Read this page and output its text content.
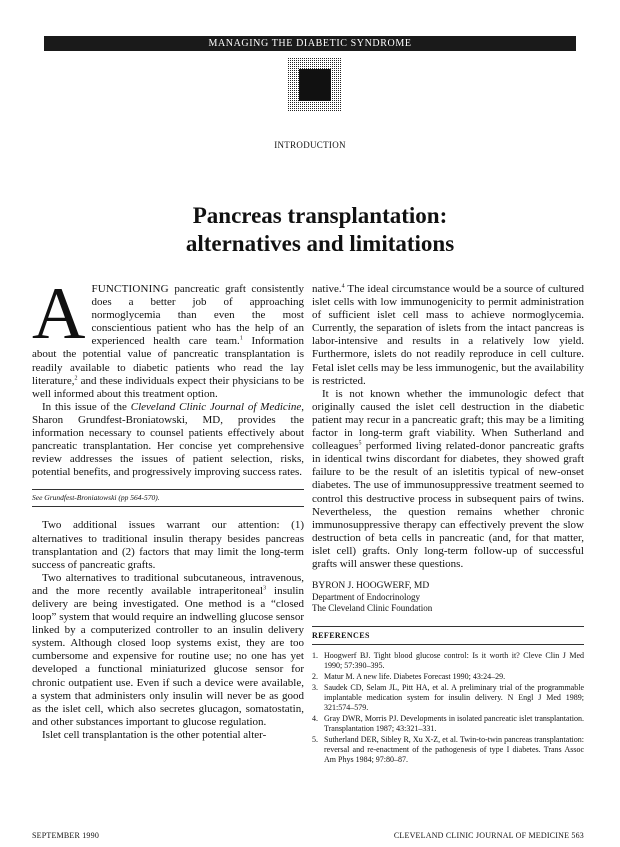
MANAGING THE DIABETIC SYNDROME
INTRODUCTION
Pancreas transplantation:
alternatives and limitations

AFUNCTIONING pancreatic graft consistently does a better job of approaching normoglycemia than even the most conscientious patient who has the help of an experienced health care team.$^1$ Information about the potential value of pancreatic transplantation is readily available to diabetic patients who read the lay literature,$^2$ and these individuals expect their physicians to be well informed about this treatment option.

In this issue of the Cleveland Clinic Journal of Medicine, Sharon Grundfest-Broniatowski, MD, provides the information necessary to counsel patients effectively about pancreatic transplantation. Her concise yet comprehensive review addresses the issues of patient selection, risks, potential benefits, and progressively improving success rates.

See Grundfest-Broniatowski (pp 564-570).

Two additional issues warrant our attention: (1) alternatives to traditional insulin therapy besides pancreas transplantation and (2) factors that may limit the long-term success of pancreatic grafts.

Two alternatives to traditional subcutaneous, intravenous, and the more recently available intraperitoneal$^3$ insulin delivery are being investigated. One method is a “closed loop” system that would require an indwelling glucose sensor linked by a computerized controller to an insulin delivery system. Although closed loop systems exist, they are too cumbersome and expensive for routine use; no one has yet developed a functional miniaturized glucose sensor for chronic outpatient use. Even if such a device were available, a system that administers only insulin will never be as good as the islet cell, which also secretes glucagon, somatostatin, and other substances important to glucose regulation.

Islet cell transplantation is the other potential alter-

native.$^4$ The ideal circumstance would be a source of cultured islet cells with low immunogenicity to permit administration of sufficient islet cell mass to achieve normoglycemia. Currently, the separation of islets from the intact pancreas is labor-intensive and results in a relatively low yield. Furthermore, islets do not readily reproduce in cell culture. Fetal islet cells may be less immunogenic, but the availability is restricted.

It is not known whether the immunologic defect that originally caused the islet cell destruction in the diabetic patient may recur in a pancreatic graft; this may be a limiting factor in long-term graft viability. When Sutherland and colleagues$^5$ performed living related-donor pancreatic grafts in identical twins discordant for diabetes, they showed graft failure to be the result of an isletitis typical of new-onset diabetes. The use of immunosuppressive treatment seemed to control this destructive process in subsequent pairs of twins. Nevertheless, the question remains whether chronic immunosuppressive therapy can effectively prevent the slow destruction of beta cells in pancreatic (and, for that matter, islet cell) grafts. Only long-term follow-up of successful grafts will answer these questions.

BYRON J. HOOGWERF, MD
Department of Endocrinology
The Cleveland Clinic Foundation
REFERENCES
1. Hoogwerf BJ. Tight blood glucose control: Is it worth it? Cleve Clin J Med 1990; 57:390–395.
2. Matur M. A new life. Diabetes Forecast 1990; 43:24–29.
3. Saudek CD, Selam JL, Pitt HA, et al. A preliminary trial of the programmable implantable medication system for insulin delivery. N Engl J Med 1989; 321:574–579.
4. Gray DWR, Morris PJ. Developments in isolated pancreatic islet transplantation. Transplantation 1987; 43:321–331.
5. Sutherland DER, Sibley R, Xu X-Z, et al. Twin-to-twin pancreas transplantation: reversal and re-enactment of the pathogenesis of type I diabetes. Trans Assoc Am Phys 1984; 97:80–87.
SEPTEMBER 1990	CLEVELAND CLINIC JOURNAL OF MEDICINE 563
